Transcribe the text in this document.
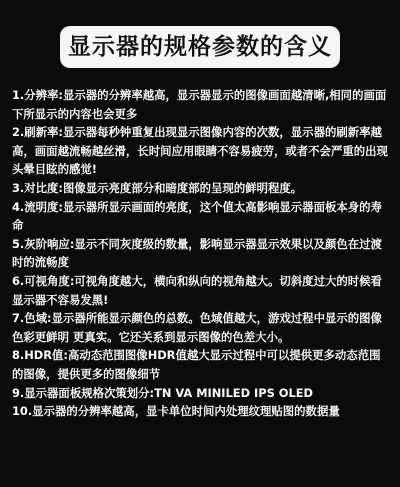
显示器的规格参数的含义

1.分辨率:显示器的分辨率越高，显示器显示的图像画面越清晰,相同的画面下所显示的内容也会更多

2.刷新率:显示器每秒钟重复出现显示图像内容的次数，显示器的刷新率越高，画面越流畅越丝滑，长时间应用眼睛不容易疲劳，或者不会严重的出现头晕目眩的感觉!

3.对比度:图像显示亮度部分和暗度部的呈现的鲜明程度。

4.流明度:显示器所显示画面的亮度，这个值太高影响显示器面板本身的寿命

5.灰阶响应:显示不同灰度级的数量，影响显示器显示效果以及颜色在过渡时的流畅度

6.可视角度:可视角度越大，横向和纵向的视角越大。切斜度过大的时候看显示器不容易发黑!

7.色域:显示器所能显示颜色的总数。色域值越大，游戏过程中显示的图像色彩更鲜明 更真实。它还关系到显示图像的色差大小。

8.HDR值:高动态范围图像HDR值越大显示过程中可以提供更多动态范围的图像，提供更多的图像细节

9.显示器面板规格次策划分:TN VA MINILED IPS OLED

10.显示器的分辨率越高，显卡单位时间内处理纹理贴图的数据量
